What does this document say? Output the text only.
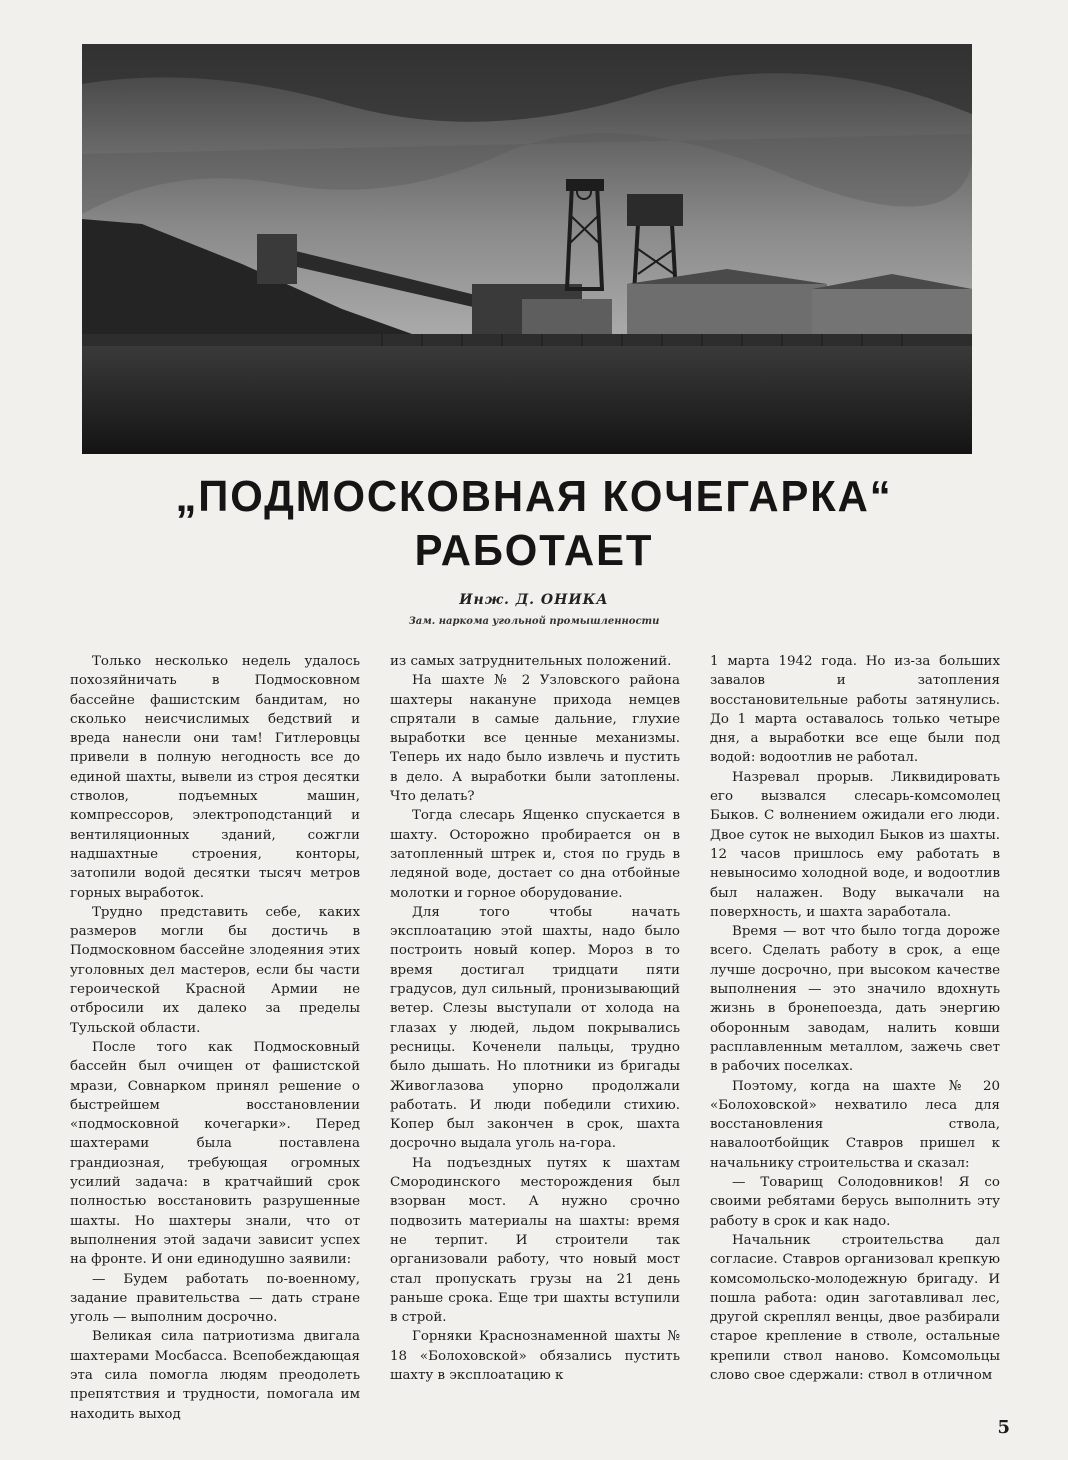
„ПОДМОСКОВНАЯ КОЧЕГАРКА“
РАБОТАЕТ
Инж. Д. ОНИКА
Зам. наркома угольной промышленности

Только несколько недель удалось похозяйничать в Подмосковном бассейне фашистским бандитам, но сколько неисчислимых бедствий и вреда нанесли они там! Гитлеровцы привели в полную негодность все до единой шахты, вывели из строя десятки стволов, подъемных машин, компрессоров, электроподстанций и вентиляционных зданий, сожгли надшахтные строения, конторы, затопили водой десятки тысяч метров горных выработок.

Трудно представить себе, каких размеров могли бы достичь в Подмосковном бассейне злодеяния этих уголовных дел мастеров, если бы части героической Красной Армии не отбросили их далеко за пределы Тульской области.

После того как Подмосковный бассейн был очищен от фашистской мрази, Совнарком принял решение о быстрейшем восстановлении «подмосковной кочегарки». Перед шахтерами была поставлена грандиозная, требующая огромных усилий задача: в кратчайший срок полностью восстановить разрушенные шахты. Но шахтеры знали, что от выполнения этой задачи зависит успех на фронте. И они единодушно заявили:

— Будем работать по-военному, задание правительства — дать стране уголь — выполним досрочно.

Великая сила патриотизма двигала шахтерами Мосбасса. Всепобеждающая эта сила помогла людям преодолеть препятствия и трудности, помогала им находить выход

из самых затруднительных положений.

На шахте № 2 Узловского района шахтеры накануне прихода немцев спрятали в самые дальние, глухие выработки все ценные механизмы. Теперь их надо было извлечь и пустить в дело. А выработки были затоплены. Что делать?

Тогда слесарь Ященко спускается в шахту. Осторожно пробирается он в затопленный штрек и, стоя по грудь в ледяной воде, достает со дна отбойные молотки и горное оборудование.

Для того чтобы начать эксплоатацию этой шахты, надо было построить новый копер. Мороз в то время достигал тридцати пяти градусов, дул сильный, пронизывающий ветер. Слезы выступали от холода на глазах у людей, льдом покрывались ресницы. Коченели пальцы, трудно было дышать. Но плотники из бригады Живоглазова упорно продолжали работать. И люди победили стихию. Копер был закончен в срок, шахта досрочно выдала уголь на-гора.

На подъездных путях к шахтам Смородинского месторождения был взорван мост. А нужно срочно подвозить материалы на шахты: время не терпит. И строители так организовали работу, что новый мост стал пропускать грузы на 21 день раньше срока. Еще три шахты вступили в строй.

Горняки Краснознаменной шахты № 18 «Болоховской» обязались пустить шахту в эксплоатацию к

1 марта 1942 года. Но из-за больших завалов и затопления восстановительные работы затянулись. До 1 марта оставалось только четыре дня, а выработки все еще были под водой: водоотлив не работал.

Назревал прорыв. Ликвидировать его вызвался слесарь-комсомолец Быков. С волнением ожидали его люди. Двое суток не выходил Быков из шахты. 12 часов пришлось ему работать в невыносимо холодной воде, и водоотлив был налажен. Воду выкачали на поверхность, и шахта заработала.

Время — вот что было тогда дороже всего. Сделать работу в срок, а еще лучше досрочно, при высоком качестве выполнения — это значило вдохнуть жизнь в бронепоезда, дать энергию оборонным заводам, налить ковши расплавленным металлом, зажечь свет в рабочих поселках.

Поэтому, когда на шахте № 20 «Болоховской» нехватило леса для восстановления ствола, навалоотбойщик Ставров пришел к начальнику строительства и сказал:

— Товарищ Солодовников! Я со своими ребятами берусь выполнить эту работу в срок и как надо.

Начальник строительства дал согласие. Ставров организовал крепкую комсомольско-молодежную бригаду. И пошла работа: один заготавливал лес, другой скреплял венцы, двое разбирали старое крепление в стволе, остальные крепили ствол наново. Комсомольцы слово свое сдержали: ствол в отличном

5
